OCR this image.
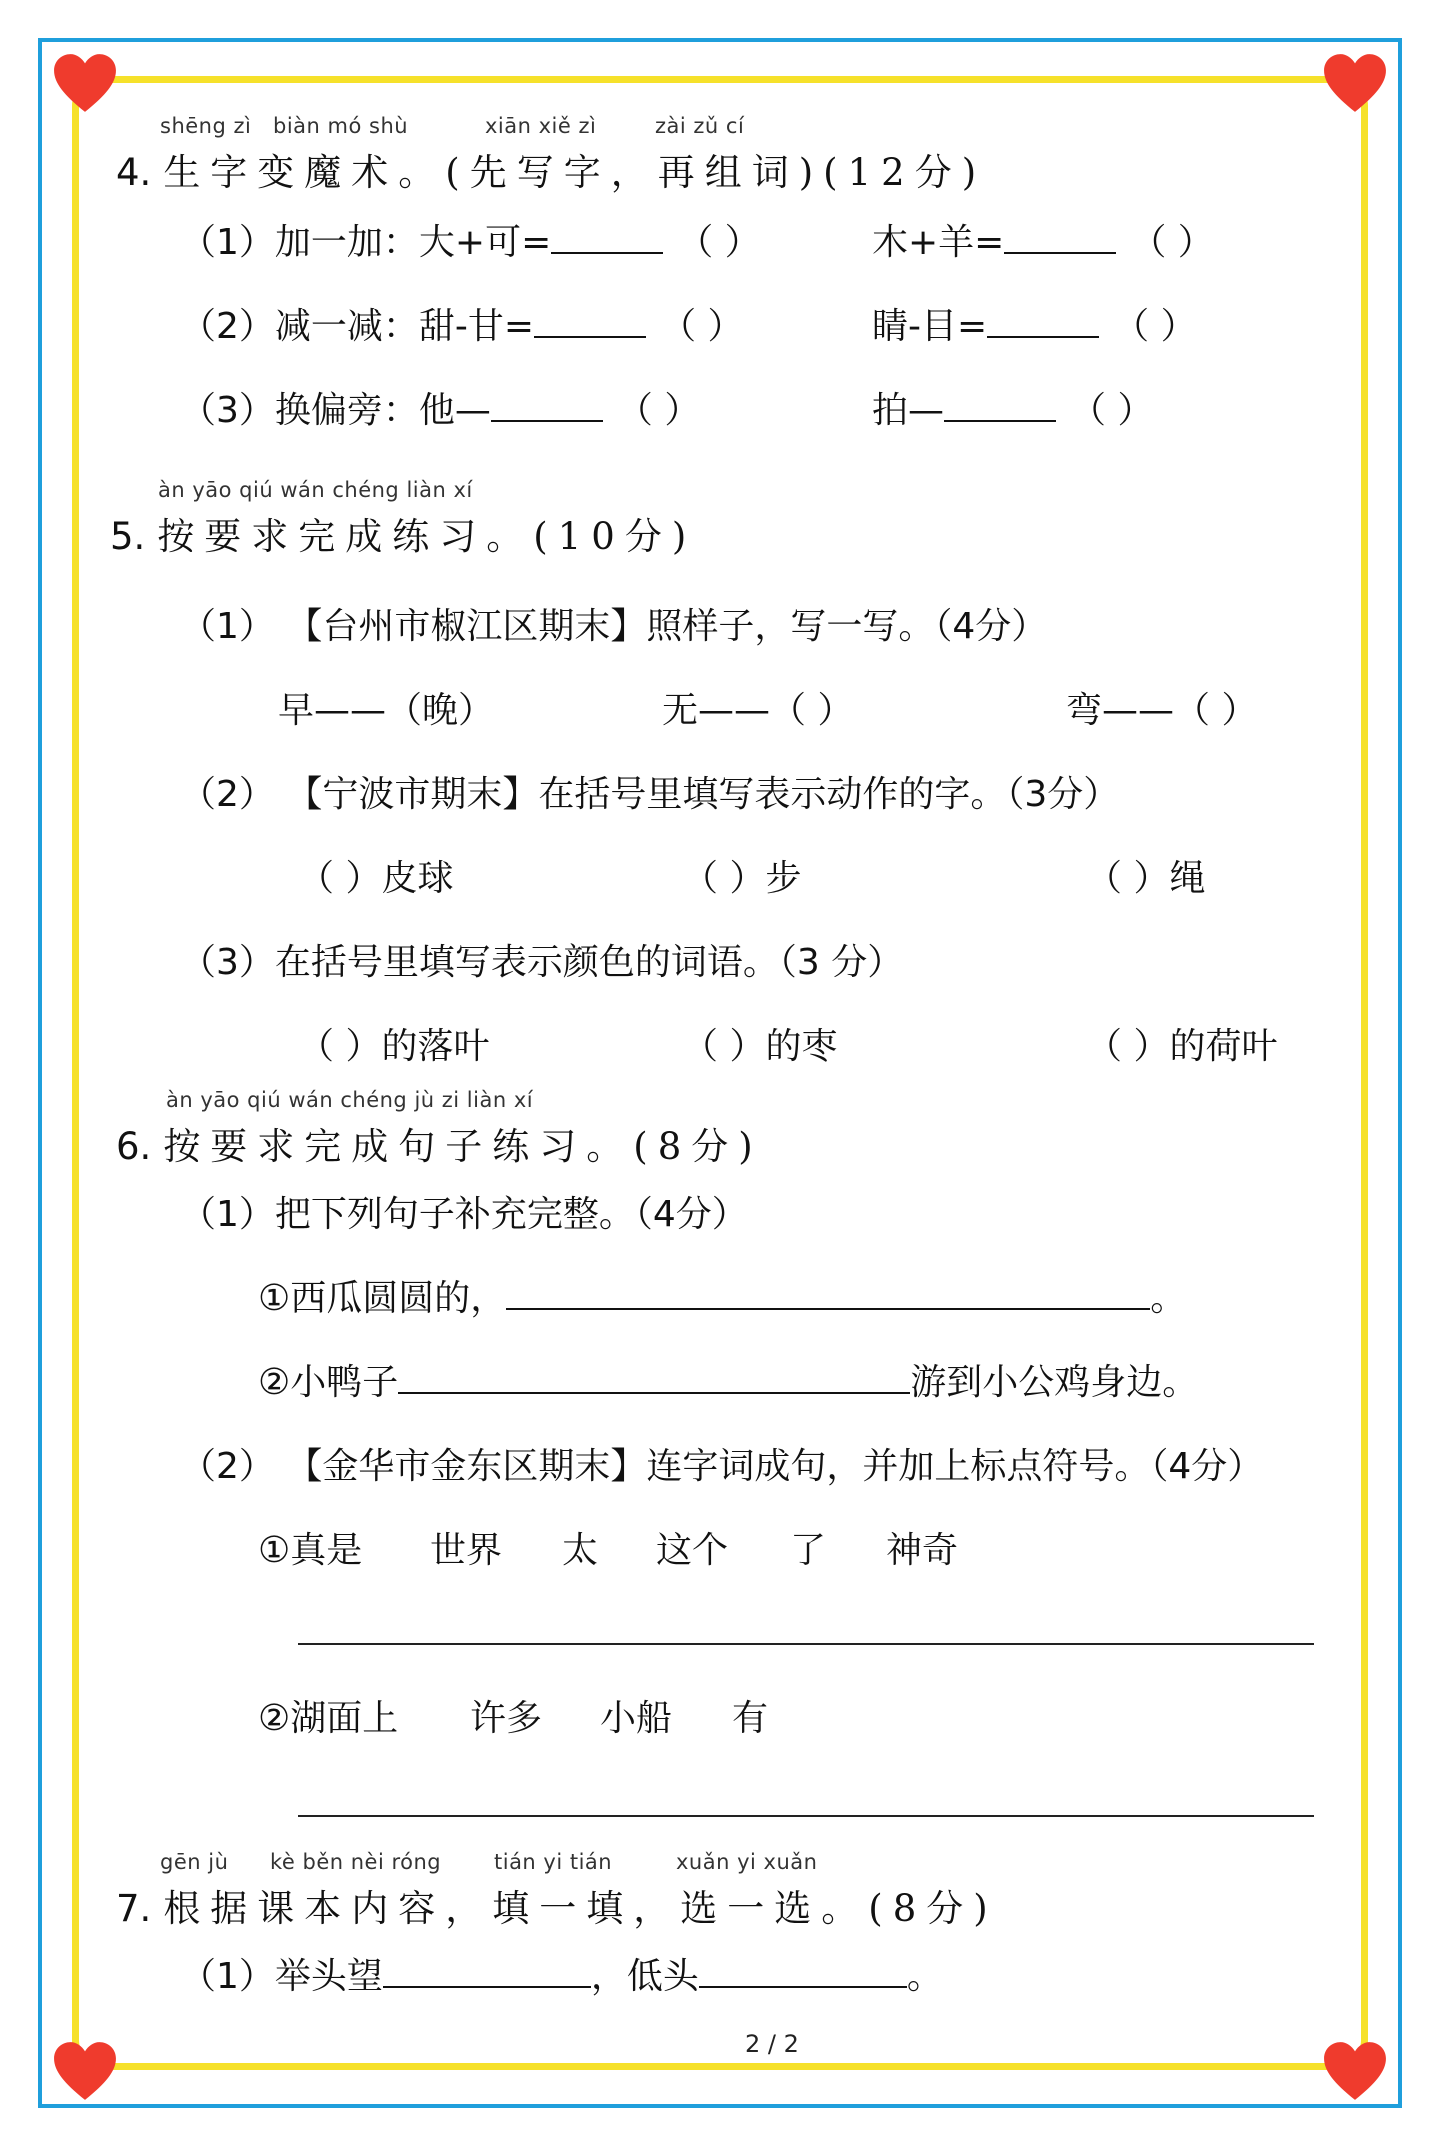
shēng zì biàn mó shù	xiān xiě zì	zài zǔ cí
4. 生字变魔术。(先写字，再组词)(12分)
（1）加一加：大+可=	（ ）	木+羊=	（ ）
（2）减一减：甜-甘=	（ ）	睛-目=	（ ）
（3）换偏旁：他—	（ ）	拍—	（ ）
àn yāo qiú wán chéng liàn xí
5. 按要求完成练习。(10分)
（1） 【台州市椒江区期末】照样子，写一写。（4分）
早——（晚）	无——（ ）	弯——（ ）
（2） 【宁波市期末】在括号里填写表示动作的字。（3分）
（ ）皮球	（ ）步	（ ）绳
（3）在括号里填写表示颜色的词语。（3 分）
（ ）的落叶	（ ）的枣	（ ）的荷叶
àn yāo qiú wán chéng jù zi liàn xí
6. 按要求完成句子练习。(8分)
（1）把下列句子补充完整。（4分）
①西瓜圆圆的，	。
②小鸭子	游到小公鸡身边。
（2） 【金华市金东区期末】连字词成句，并加上标点符号。（4分）
①真是 世界 太 这个 了 神奇
②湖面上 许多 小船 有
gēn jù kè běn nèi róng	tián yi tián	xuǎn yi xuǎn
7. 根据课本内容，填一填，选一选。(8分)
（1）举头望	，低头	。
2 / 2
